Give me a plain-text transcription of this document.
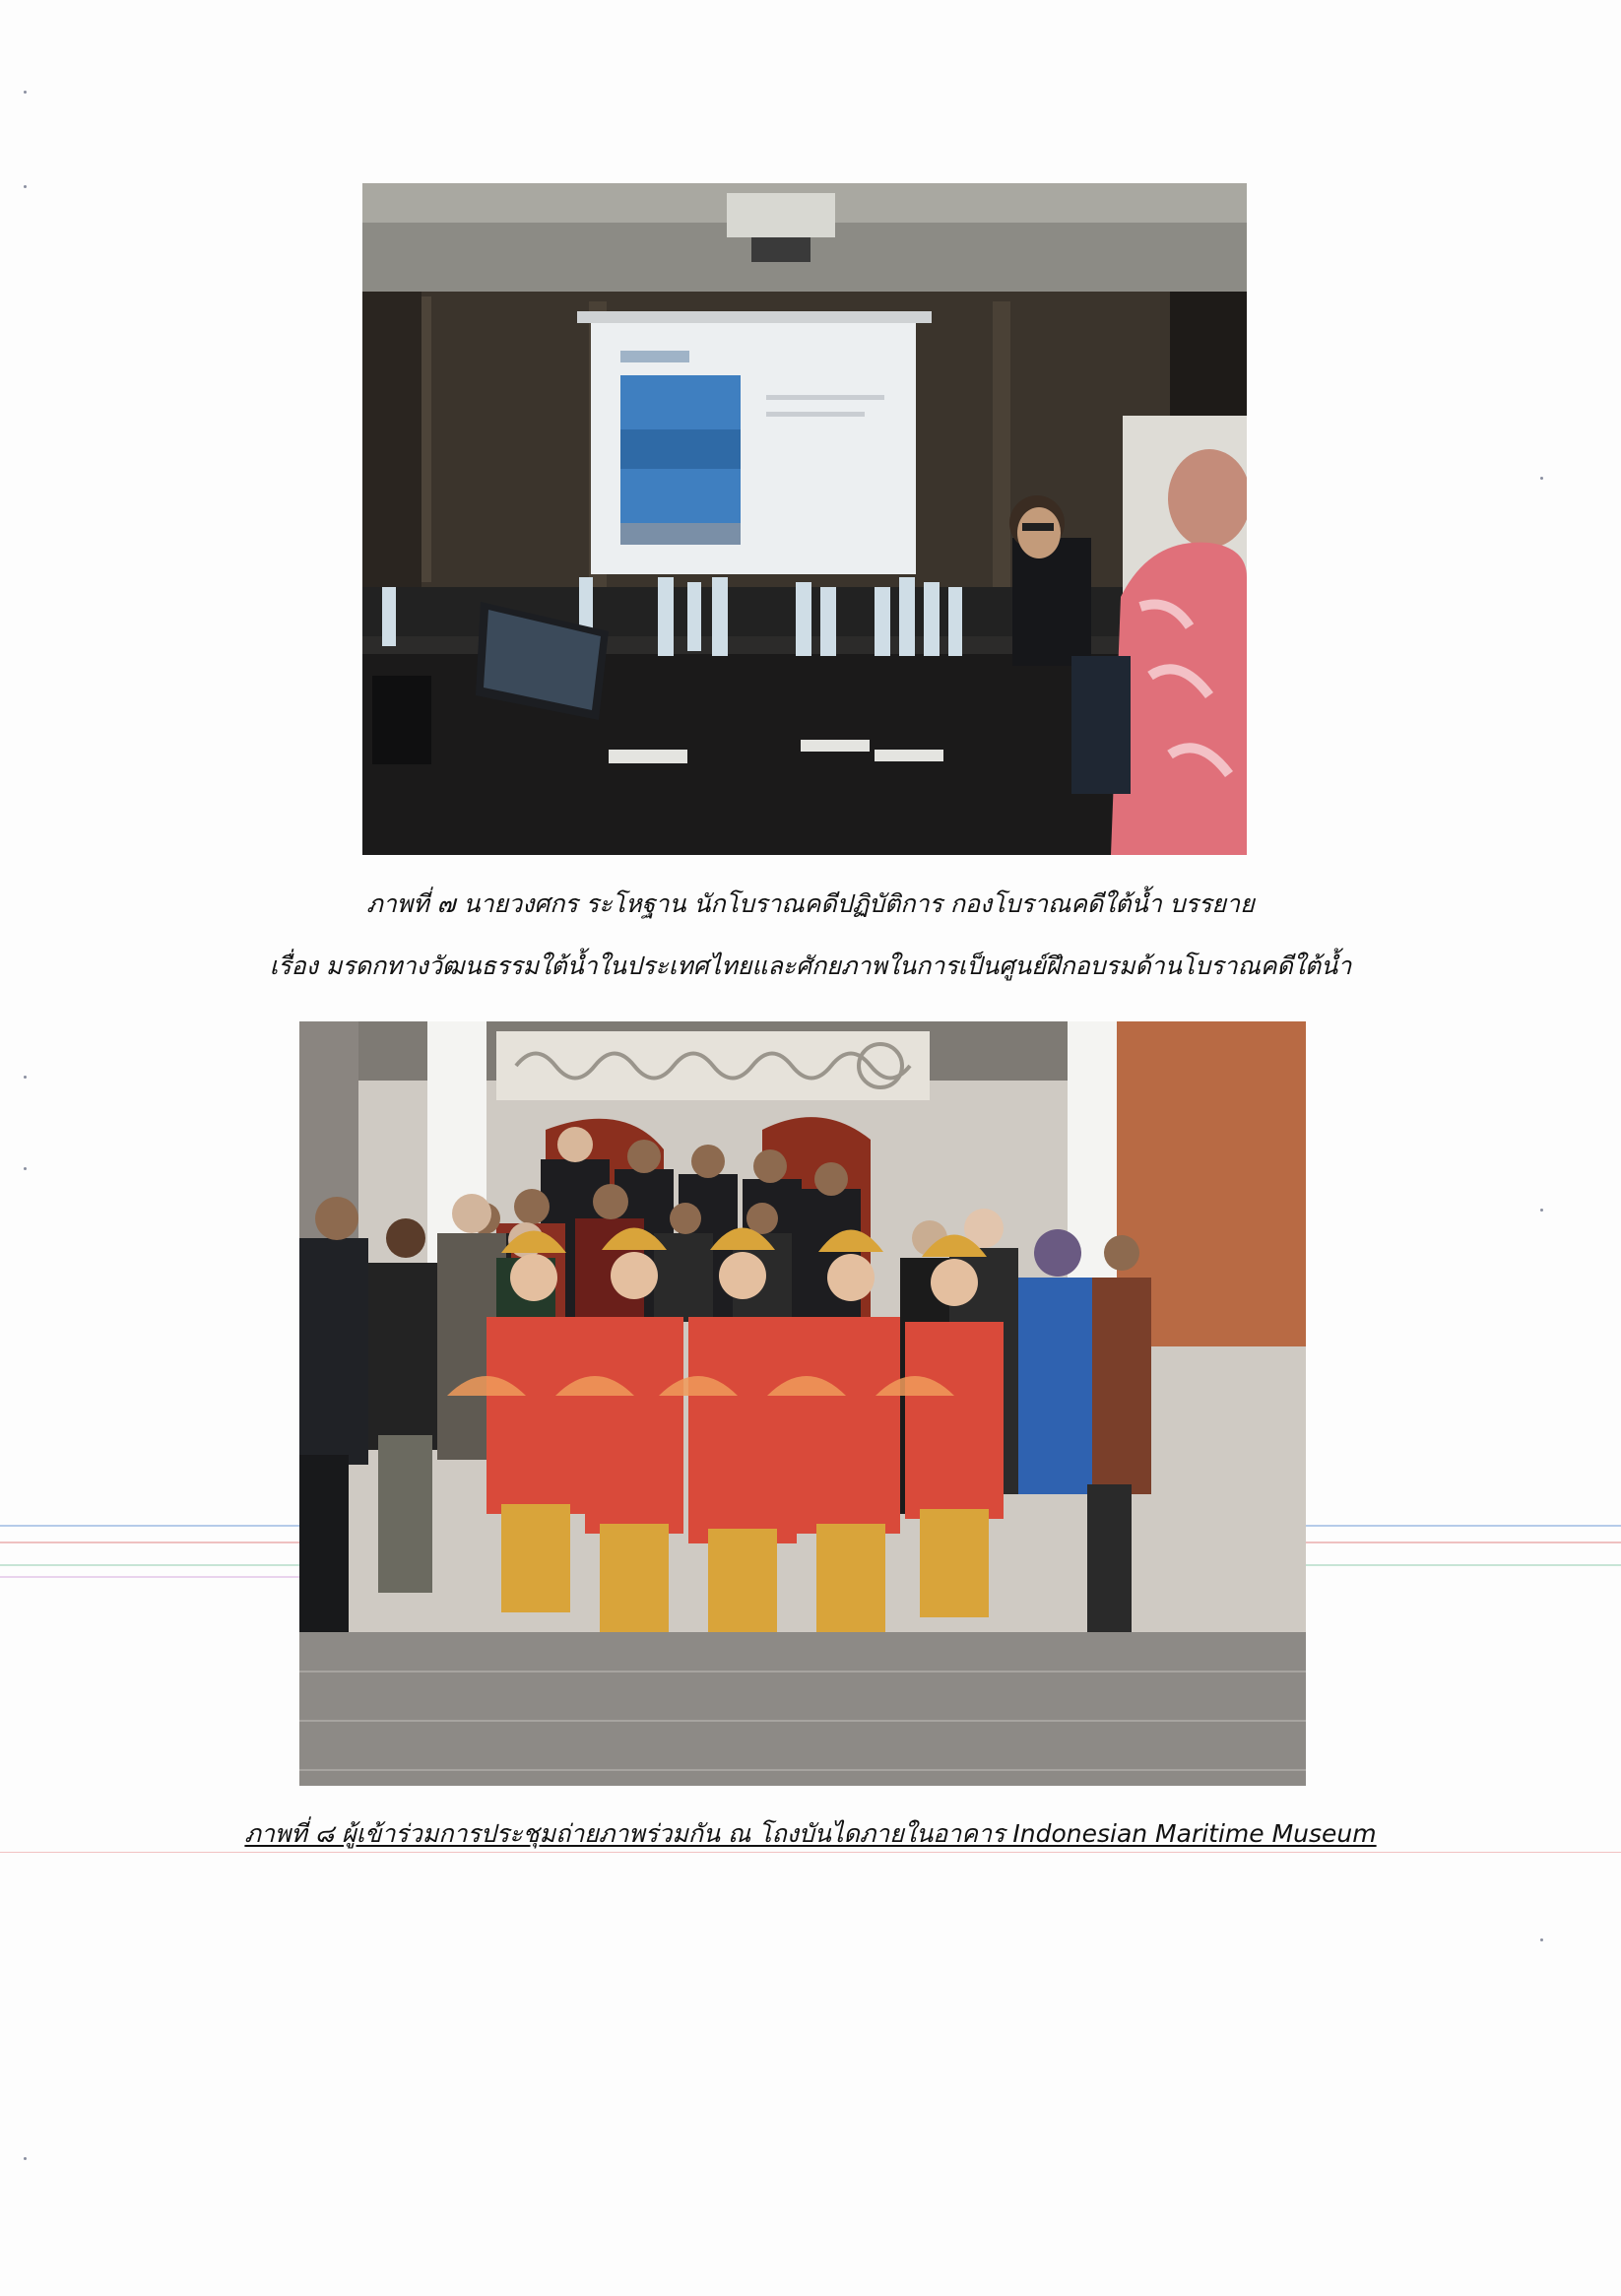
ภาพที่ ๗ นายวงศกร ระโหฐาน นักโบราณคดีปฏิบัติการ กองโบราณคดีใต้น้ำ บรรยาย
เรื่อง มรดกทางวัฒนธรรมใต้น้ำในประเทศไทยและศักยภาพในการเป็นศูนย์ฝึกอบรมด้านโบราณคดีใต้น้ำ
ภาพที่ ๘ ผู้เข้าร่วมการประชุมถ่ายภาพร่วมกัน ณ โถงบันไดภายในอาคาร Indonesian Maritime Museum
